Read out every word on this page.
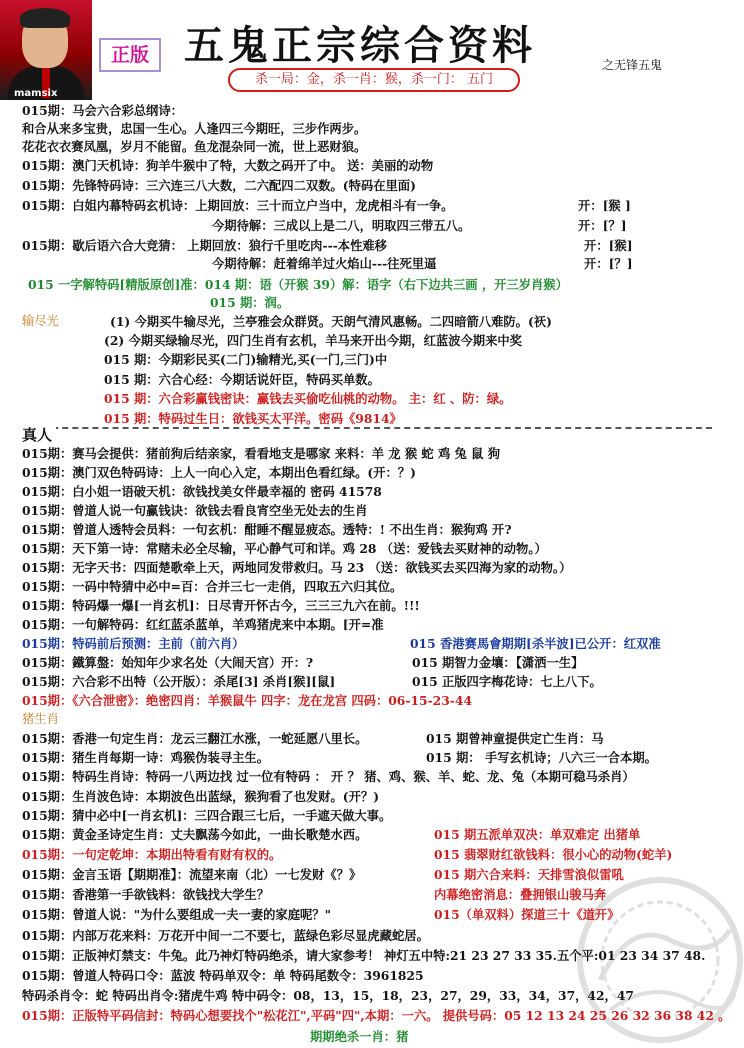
mamsix
正版 五鬼正宗综合资料
杀一局：金，杀一肖：猴，杀一门： 五门
之无锋五鬼
015期：马会六合彩总纲诗：
和合从来多宝贵，忠国一生心。人逢四三今期旺，三步作两步。
花花衣衣赛凤凰，岁月不能留。鱼龙混杂同一流，世上恶财狼。
015期：澳门天机诗：狗羊牛猴中了特，大数之码开了中。 送：美丽的动物
015期：先锋特码诗：三六连三八大数，二六配四二双数。(特码在里面)
015期：白姐内幕特码玄机诗：上期回放：三十而立户当中，龙虎相斗有一争。	开：[猴 ]
今期待解：三成以上是二八，明取四三带五八。	开：[？]
015期：歇后语六合大竞猜： 上期回放：狼行千里吃肉---本性难移	开：[猴]
今期待解：赶着绵羊过火焰山---往死里逼	开：[？]
015 一字解特码[精版原创]准：014 期：语（开猴 39）解：语字（右下边共三画 ，开三岁肖猴）
015 期：润。
输尽光	(1) 今期买牛输尽光，兰亭雅会众群贤。天朗气清风惠畅。二四暗箭八难防。(祆)
(2) 今期买绿输尽光，四门生肖有玄机，羊马来开出今期，红蓝波今期来中奖
015 期：今期彩民买(二门)输精光,买(一门,三门)中
015 期：六合心经：今期话说奸臣，特码买单数。
015 期：六合彩赢钱密诀：赢钱去买偷吃仙桃的动物。 主：红 、防：绿。
015 期：特码过生日：欲钱买太平洋。密码《9814》
真人
015期：赛马会提供：猪前狗后结亲家，看看地支是哪家 来料：羊 龙 猴 蛇 鸡 兔 鼠 狗
015期：澳门双色特码诗：上人一向心入定，本期出色看红绿。(开：？)
015期：白小姐一语破天机：欲钱找美女伴最幸福的 密码 41578
015期：曾道人说一句赢钱诀：欲钱去看良宵空坐无处去的生肖
015期：曾道人透特会员料：一句玄机：酣睡不醒显疲态。透特：! 不出生肖：猴狗鸡 开?
015期：天下第一诗：常赌未必全尽输，平心静气可和详。鸡 28 （送：爱钱去买财神的动物。）
015期：无字天书：四面楚歌牵上天，两地同发带救归。马 23 （送：欲钱买去买四海为家的动物。）
015期：一码中特猜中必中=百：合并三七一走俏，四取五六归其位。
015期：特码爆一爆[一肖玄机]：日尽青开怀古今，三三三九六在前。!!!
015期：一句解特码：红红蓝杀蓝单，羊鸡猪虎来中本期。[开=准
015期：特码前后预测：主前（前六肖）	015 香港赛馬會期期[杀半波]已公开：红双准
015期：鐵算盤：始知年少求名处（大闹天宫）开：?	015 期智力金壤：【潇洒一生】
015期：六合彩不出特（公开版）：杀尾[3] 杀肖[猴][鼠]	015 正版四字梅花诗：七上八下。
015期：《六合泄密》：绝密四肖：羊猴鼠牛 四字：龙在龙宫 四码：06-15-23-44
猪生肖
015期：香港一句定生肖：龙云三翻江水涨，一蛇延愿八里长。	015 期曾神童提供定亡生肖：马
015期：猪生肖每期一诗：鸡猴伪装寻主生。	015 期： 手写玄机诗；八六三一合本期。
015期：特码生肖诗：特码一八两边找 过一位有特码 ： 开 ？ 猪、鸡、猴、羊、蛇、龙、兔（本期可稳马杀肖）
015期：生肖波色诗：本期波色出蓝绿，猴狗看了也发财。(开？)
015期：猜中必中[一肖玄机]：三四合跟三七后，一手遮天做大事。
015期：黄金圣诗定生肖：丈夫飘荡今如此，一曲长歌楚水西。	015 期五派单双决：单双难定 出猪单
015期：一句定乾坤：本期出特看有财有权的。	015 翡翠财红欲钱料：很小心的动物(蛇羊)
015期：金言玉语【期期准】：流望来南（北）一七发财《？》	015 期六合来料：天排雪浪似雷吼
015期：香港第一手欲钱料：欲钱找大学生？	内幕绝密消息：叠拥银山骏马奔
015期：曾道人说："为什么要组成一夫一妻的家庭呢？"	015（单双料）探道三十《道开》
015期：内部万花来料：万花开中间一二不要七，蓝绿色彩尽显虎藏蛇居。
015期：正版神灯禁支：牛兔。此乃神灯特码绝杀，请大家参考！ 神灯五中特:21 23 27 33 35.五个平:01 23 34 37 48.
015期：曾道人特码口令：蓝波 特码单双令：单 特码尾数令：3961825
特码杀肖令：蛇 特码出肖令:猪虎牛鸡 特中码令：08，13，15，18，23，27，29，33，34，37，42，47
015期：正版特平码信封：特码心想要找个"松花江",平码"四",本期：一六。 提供号码：05 12 13 24 25 26 32 36 38 42 。
期期绝杀一肖：猪
